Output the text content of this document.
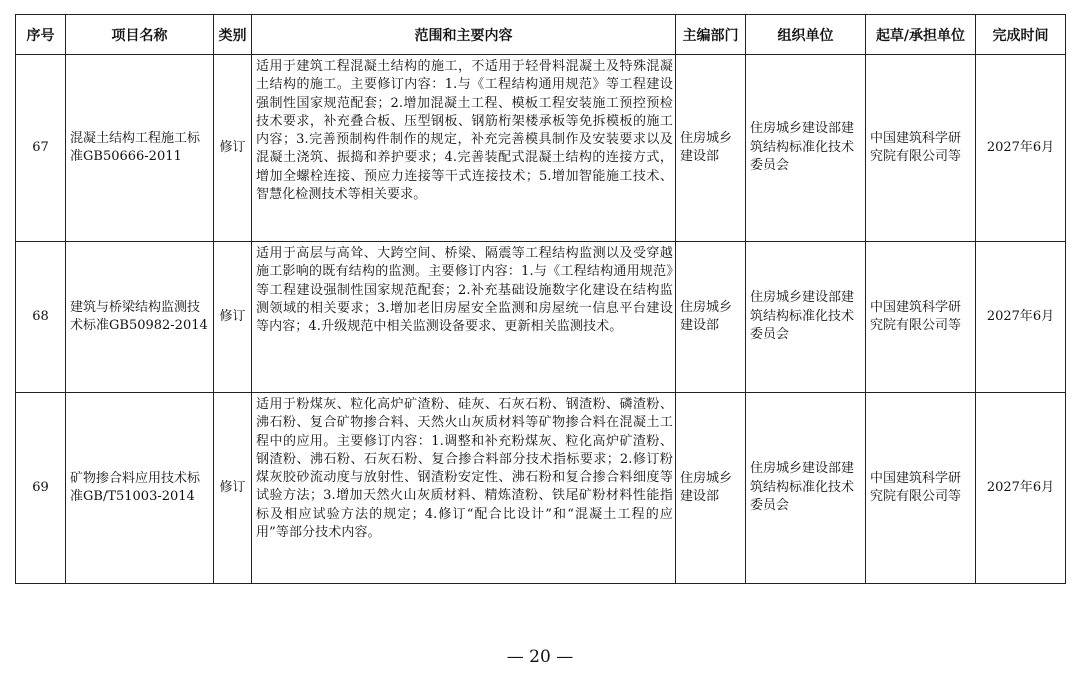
序号	项目名称	类别	范围和主要内容	主编部门	组织单位	起草/承担单位	完成时间
67	混凝土结构工程施工标准GB50666-2011	修订	适用于建筑工程混凝土结构的施工，不适用于轻骨料混凝土及特殊混凝土结构的施工。主要修订内容：1.与《工程结构通用规范》等工程建设强制性国家规范配套；2.增加混凝土工程、模板工程安装施工预控预检技术要求，补充叠合板、压型钢板、钢筋桁架楼承板等免拆模板的施工内容；3.完善预制构件制作的规定，补充完善模具制作及安装要求以及混凝土浇筑、振捣和养护要求；4.完善装配式混凝土结构的连接方式，增加全螺栓连接、预应力连接等干式连接技术；5.增加智能施工技术、智慧化检测技术等相关要求。	住房城乡建设部	住房城乡建设部建筑结构标准化技术委员会	中国建筑科学研究院有限公司等	2027年6月
68	建筑与桥梁结构监测技术标准GB50982-2014	修订	适用于高层与高耸、大跨空间、桥梁、隔震等工程结构监测以及受穿越施工影响的既有结构的监测。主要修订内容：1.与《工程结构通用规范》等工程建设强制性国家规范配套；2.补充基础设施数字化建设在结构监测领域的相关要求；3.增加老旧房屋安全监测和房屋统一信息平台建设等内容；4.升级规范中相关监测设备要求、更新相关监测技术。	住房城乡建设部	住房城乡建设部建筑结构标准化技术委员会	中国建筑科学研究院有限公司等	2027年6月
69	矿物掺合料应用技术标准GB/T51003-2014	修订	适用于粉煤灰、粒化高炉矿渣粉、硅灰、石灰石粉、钢渣粉、磷渣粉、沸石粉、复合矿物掺合料、天然火山灰质材料等矿物掺合料在混凝土工程中的应用。主要修订内容：1.调整和补充粉煤灰、粒化高炉矿渣粉、钢渣粉、沸石粉、石灰石粉、复合掺合料部分技术指标要求；2.修订粉煤灰胶砂流动度与放射性、钢渣粉安定性、沸石粉和复合掺合料细度等试验方法；3.增加天然火山灰质材料、精炼渣粉、铁尾矿粉材料性能指标及相应试验方法的规定；4.修订“配合比设计”和“混凝土工程的应用”等部分技术内容。	住房城乡建设部	住房城乡建设部建筑结构标准化技术委员会	中国建筑科学研究院有限公司等	2027年6月
— 20 —
